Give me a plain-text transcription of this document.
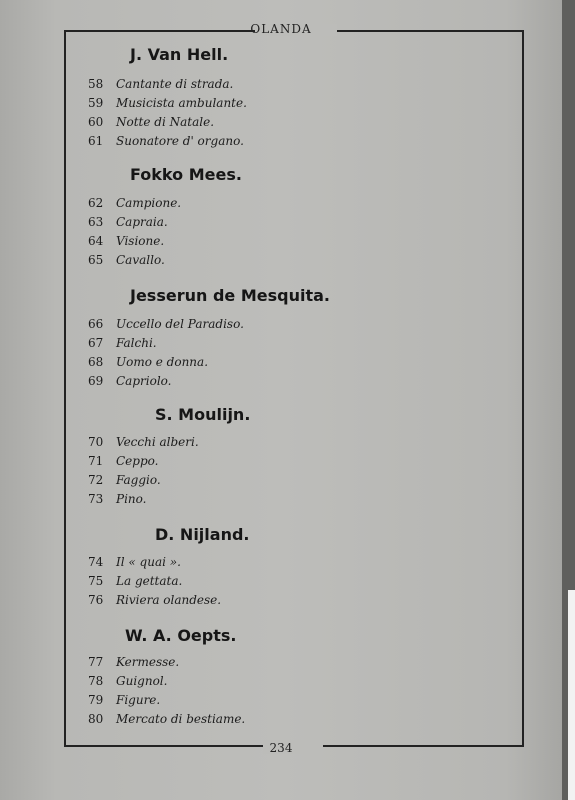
OLANDA
234
J. Van Hell.
58 Cantante di strada.
59 Musicista ambulante.
60 Notte di Natale.
61 Suonatore d' organo.
Fokko Mees.
62 Campione.
63 Capraia.
64 Visione.
65 Cavallo.
Jesserun de Mesquita.
66 Uccello del Paradiso.
67 Falchi.
68 Uomo e donna.
69 Capriolo.
S. Moulijn.
70 Vecchi alberi.
71 Ceppo.
72 Faggio.
73 Pino.
D. Nijland.
74 Il « quai ».
75 La gettata.
76 Riviera olandese.
W. A. Oepts.
77 Kermesse.
78 Guignol.
79 Figure.
80 Mercato di bestiame.
